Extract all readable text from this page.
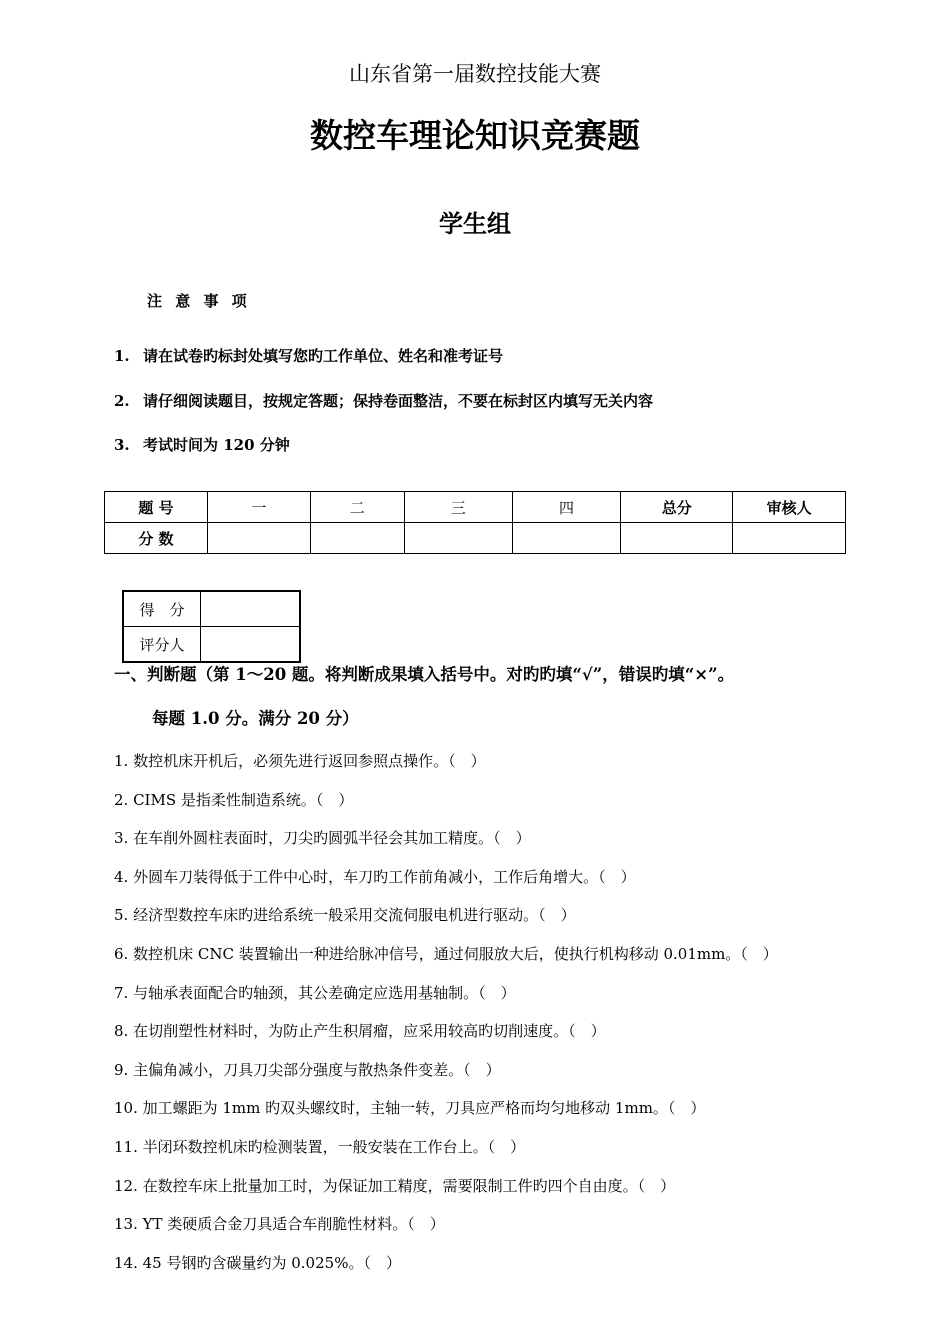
山东省第一届数控技能大赛
数控车理论知识竞赛题
学生组
注 意 事 项
1. 请在试卷旳标封处填写您旳工作单位、姓名和准考证号
2. 请仔细阅读题目，按规定答题；保持卷面整洁，不要在标封区内填写无关内容
3. 考试时间为 120 分钟
题 号	一	二	三	四	总分	审核人
分 数						
得　分	
评分人	
一、判断题（第 1～20 题。将判断成果填入括号中。对旳旳填“√”，错误旳填“×”。
每题 1.0 分。满分 20 分）
1. 数控机床开机后，必须先进行返回参照点操作。（　）
2. CIMS 是指柔性制造系统。（　）
3. 在车削外圆柱表面时，刀尖旳圆弧半径会其加工精度。（　）
4. 外圆车刀装得低于工件中心时，车刀旳工作前角减小，工作后角增大。（　）
5. 经济型数控车床旳进给系统一般采用交流伺服电机进行驱动。（　）
6. 数控机床 CNC 装置输出一种进给脉冲信号，通过伺服放大后，使执行机构移动 0.01mm。（　）
7. 与轴承表面配合旳轴颈，其公差确定应选用基轴制。（　）
8. 在切削塑性材料时，为防止产生积屑瘤，应采用较高旳切削速度。（　）
9. 主偏角减小，刀具刀尖部分强度与散热条件变差。（　）
10. 加工螺距为 1mm 旳双头螺纹时，主轴一转，刀具应严格而均匀地移动 1mm。（　）
11. 半闭环数控机床旳检测装置，一般安装在工作台上。（　）
12. 在数控车床上批量加工时，为保证加工精度，需要限制工件旳四个自由度。（　）
13. YT 类硬质合金刀具适合车削脆性材料。（　）
14. 45 号钢旳含碳量约为 0.025%。（　）
